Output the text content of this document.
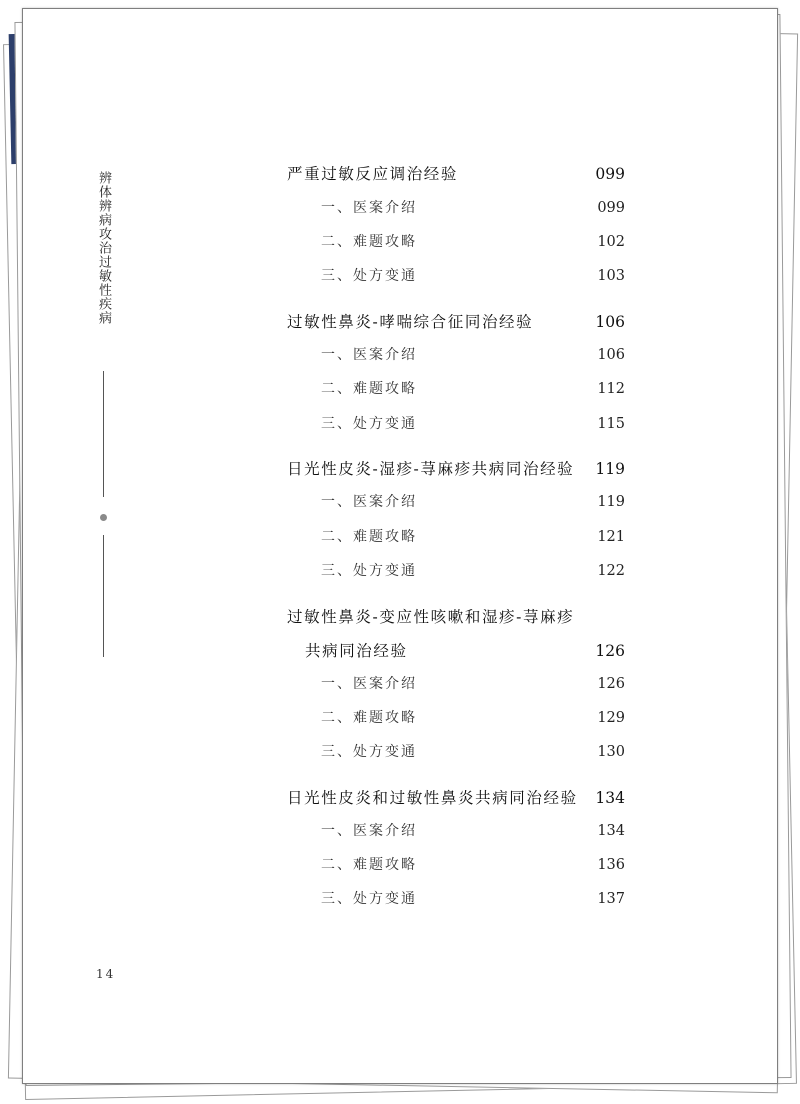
辨体辨病攻治过敏性疾病
14
严重过敏反应调治经验	099
一、医案介绍	099
二、难题攻略	102
三、处方变通	103
过敏性鼻炎-哮喘综合征同治经验	106
一、医案介绍	106
二、难题攻略	112
三、处方变通	115
日光性皮炎-湿疹-荨麻疹共病同治经验 119
一、医案介绍	119
二、难题攻略	121
三、处方变通	122
过敏性鼻炎-变应性咳嗽和湿疹-荨麻疹
共病同治经验	126
一、医案介绍	126
二、难题攻略	129
三、处方变通	130
日光性皮炎和过敏性鼻炎共病同治经验 134
一、医案介绍	134
二、难题攻略	136
三、处方变通	137
